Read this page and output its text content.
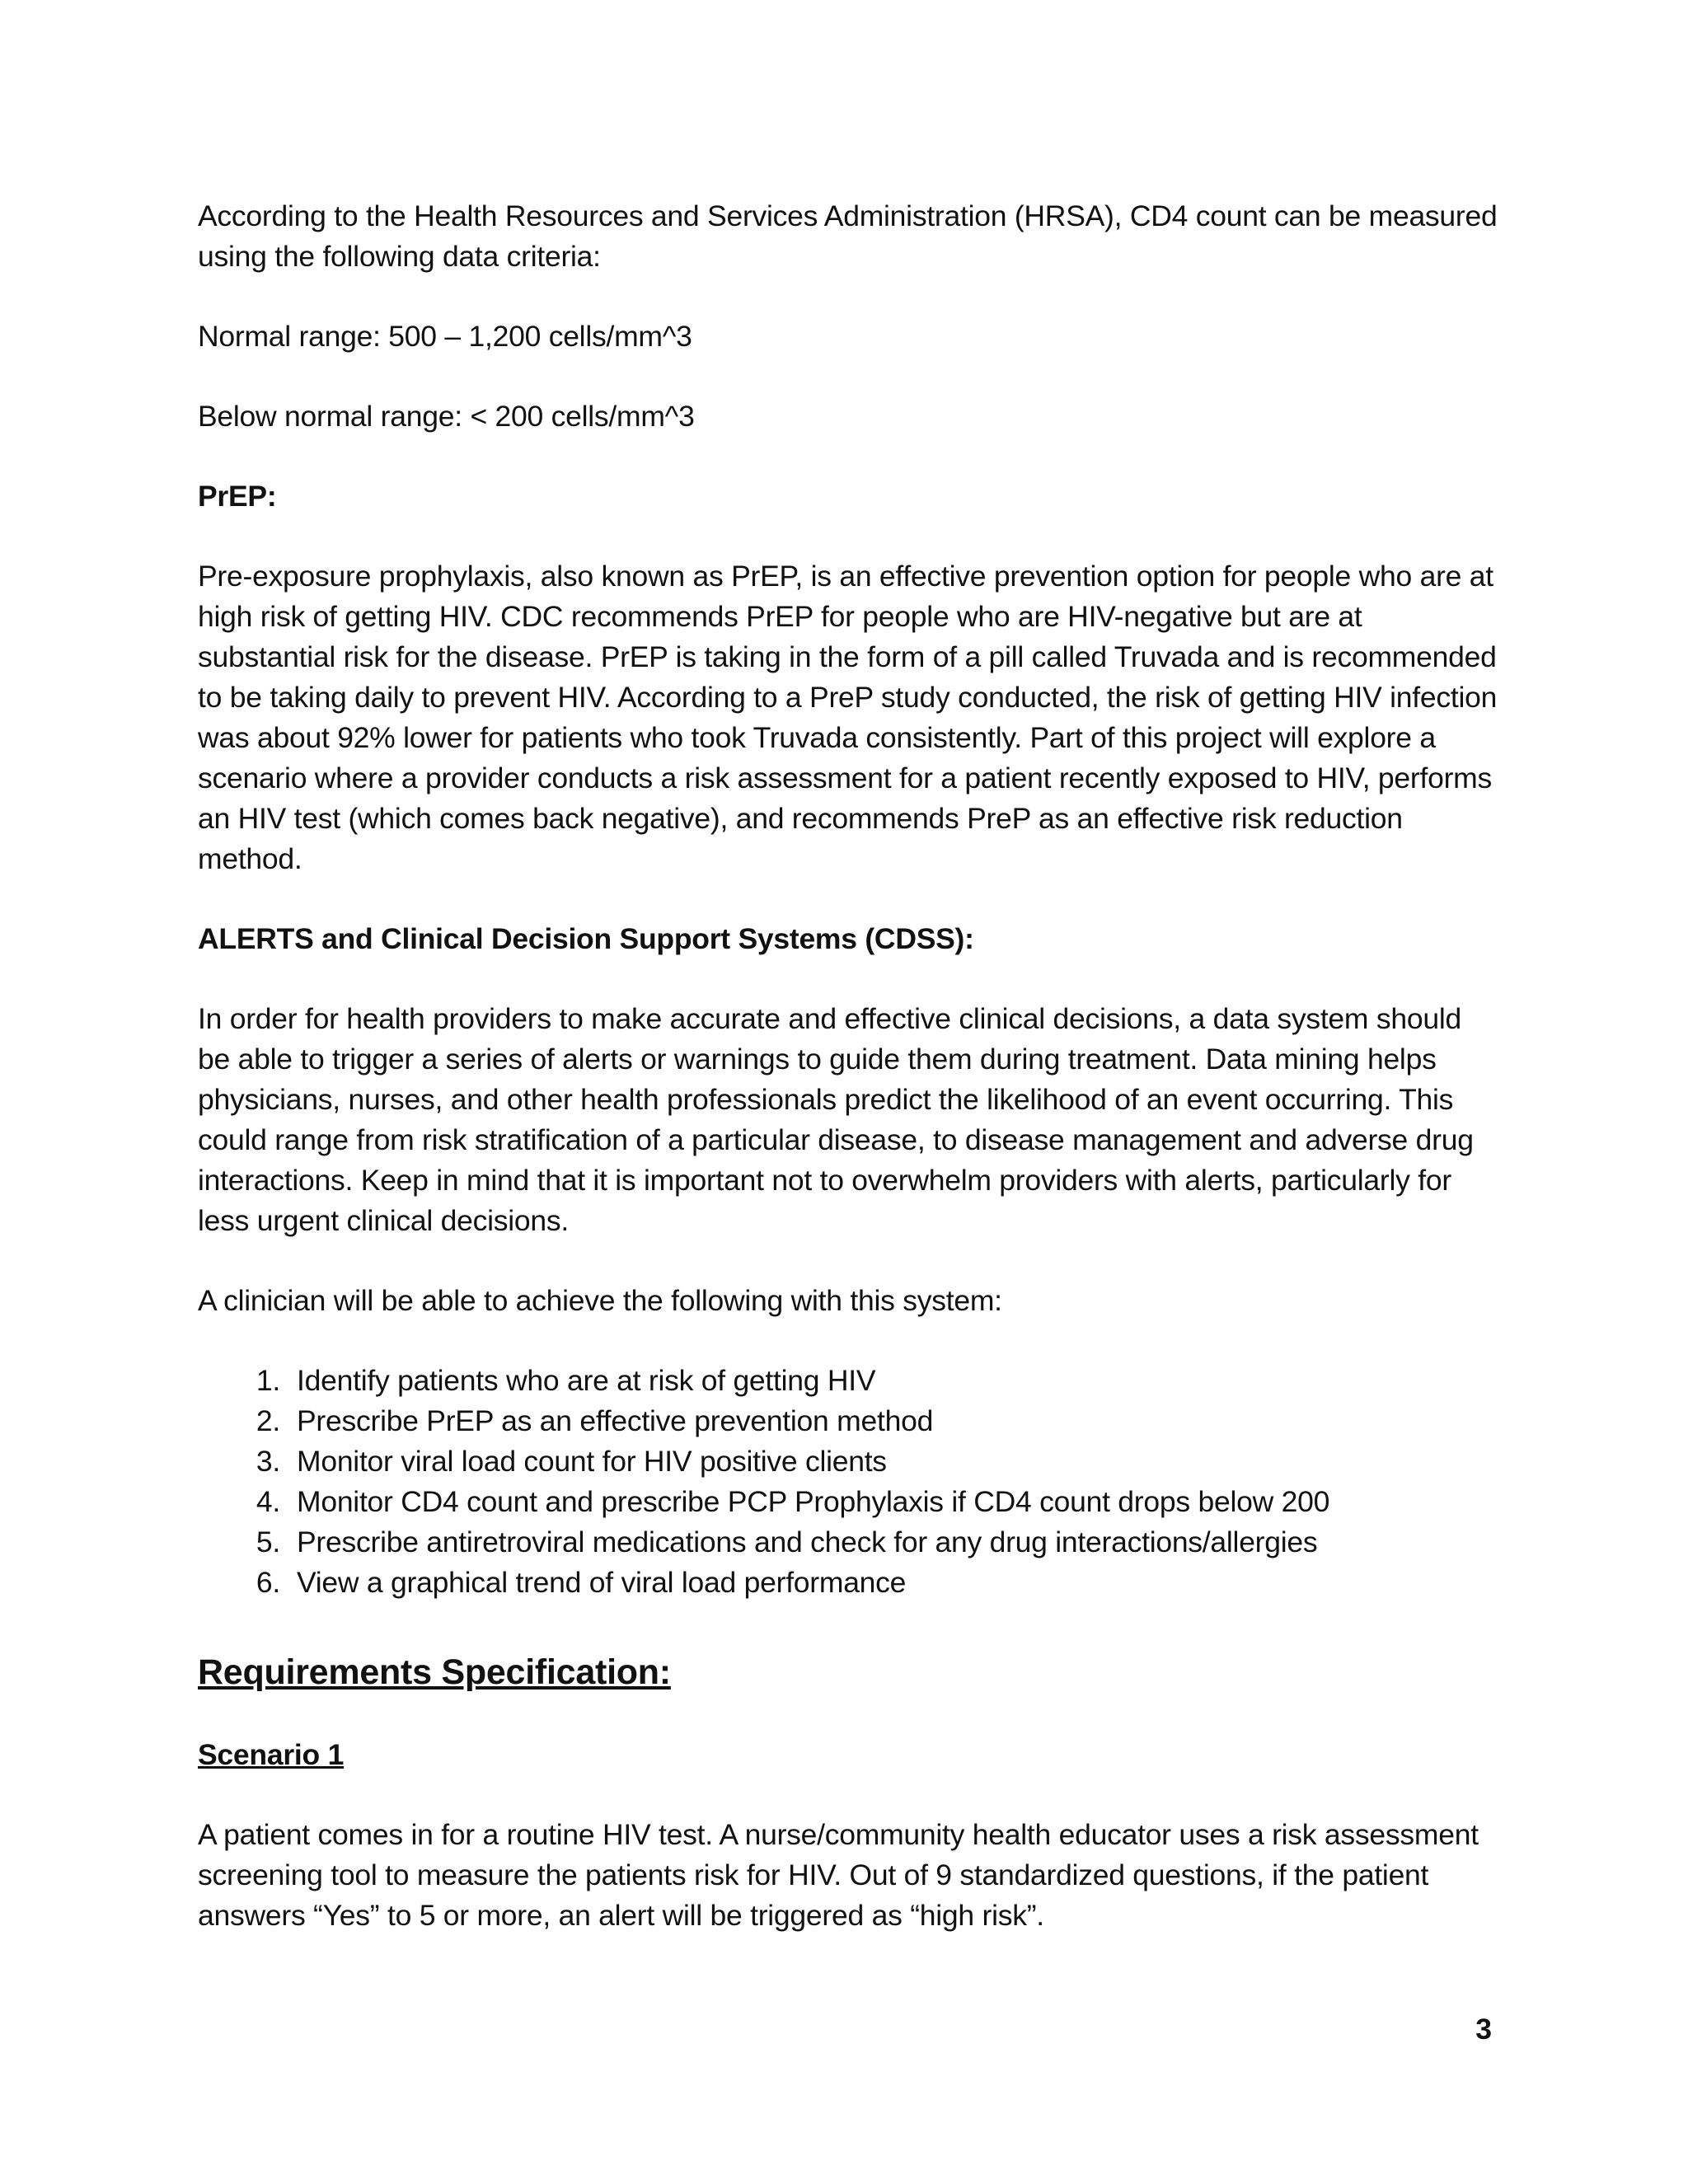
According to the Health Resources and Services Administration (HRSA), CD4 count can be measured using the following data criteria:

Normal range: 500 – 1,200 cells/mm^3

Below normal range: < 200 cells/mm^3

PrEP:

Pre-exposure prophylaxis, also known as PrEP, is an effective prevention option for people who are at high risk of getting HIV. CDC recommends PrEP for people who are HIV-negative but are at substantial risk for the disease. PrEP is taking in the form of a pill called Truvada and is recommended to be taking daily to prevent HIV. According to a PreP study conducted, the risk of getting HIV infection was about 92% lower for patients who took Truvada consistently. Part of this project will explore a scenario where a provider conducts a risk assessment for a patient recently exposed to HIV, performs an HIV test (which comes back negative), and recommends PreP as an effective risk reduction method.

ALERTS and Clinical Decision Support Systems (CDSS):

In order for health providers to make accurate and effective clinical decisions, a data system should be able to trigger a series of alerts or warnings to guide them during treatment. Data mining helps physicians, nurses, and other health professionals predict the likelihood of an event occurring. This could range from risk stratification of a particular disease, to disease management and adverse drug interactions. Keep in mind that it is important not to overwhelm providers with alerts, particularly for less urgent clinical decisions.

A clinician will be able to achieve the following with this system:

1. Identify patients who are at risk of getting HIV
2. Prescribe PrEP as an effective prevention method
3. Monitor viral load count for HIV positive clients
4. Monitor CD4 count and prescribe PCP Prophylaxis if CD4 count drops below 200
5. Prescribe antiretroviral medications and check for any drug interactions/allergies
6. View a graphical trend of viral load performance

Requirements Specification:

Scenario 1

A patient comes in for a routine HIV test. A nurse/community health educator uses a risk assessment screening tool to measure the patients risk for HIV. Out of 9 standardized questions, if the patient answers “Yes” to 5 or more, an alert will be triggered as “high risk”.

3
